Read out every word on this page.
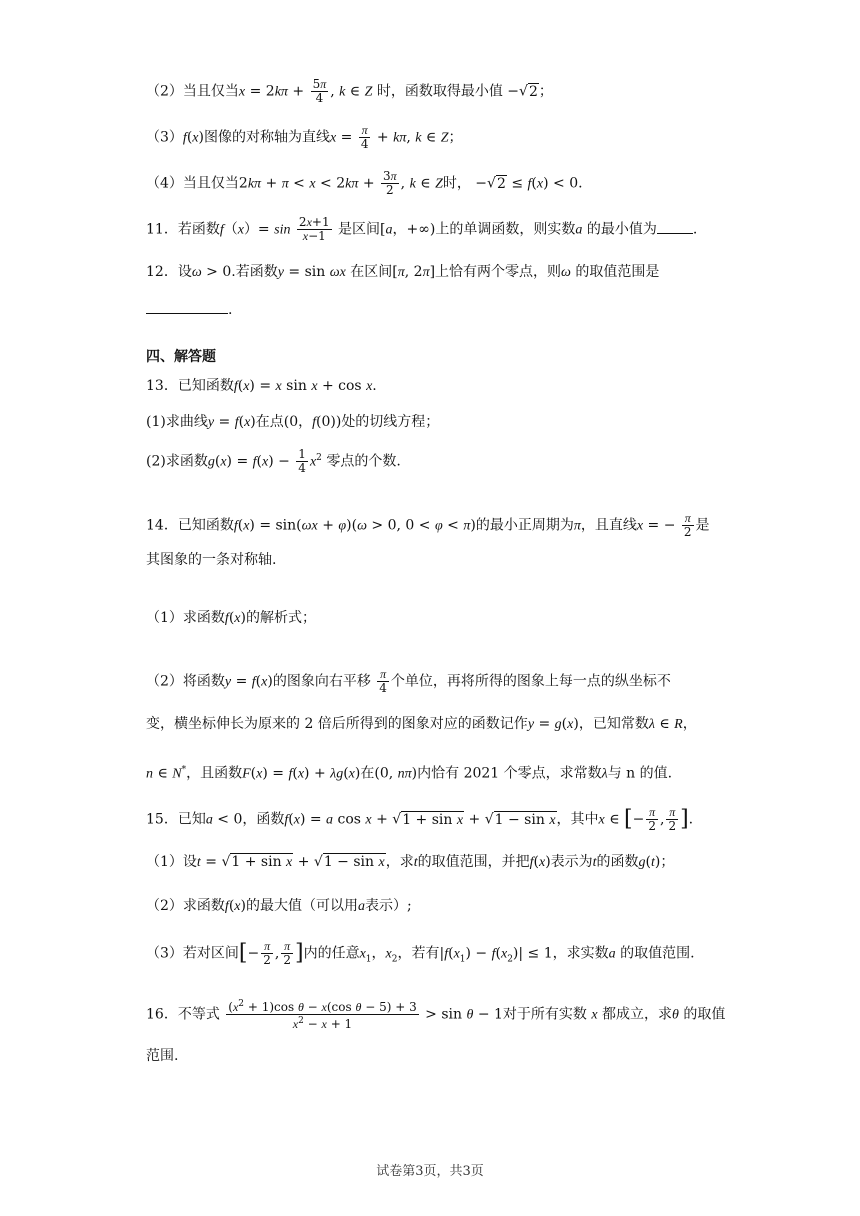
（2）当且仅当$x = 2k\pi + \frac{5\pi}{4}$ , k ∈ Z 时，函数取得最小值 −√2；
（3）f(x)图像的对称轴为直线$x = \frac{\pi}{4} + k\pi$, k ∈ Z；
（4）当且仅当$2k\pi + \pi < x < 2k\pi + \frac{3\pi}{2}$ , k ∈ Z时， −√2 ≤ f(x) < 0.
11．若函数$f(x)= \sin \frac{2x+1}{x-1}$ 是区间[a，+∞)上的单调函数，则实数a 的最小值为	.
12．设ω > 0.若函数y = sin ωx 在区间[π, 2π]上恰有两个零点，则ω 的取值范围是
.
四、解答题
13．已知函数f(x) = x sin x + cos x.
(1)求曲线y = f(x)在点(0，f(0))处的切线方程；
(2)求函数$g(x) = f(x) - \frac{1}{4} x^2$ 零点的个数.
14．已知函数f(x) = sin(ωx + φ)(ω > 0, 0 < φ < π)的最小正周期为π，且直线x = − $\frac{\pi}{2}$ 是
其图象的一条对称轴.
（1）求函数f(x)的解析式；
（2）将函数y = f(x)的图象向右平移 $\frac{\pi}{4}$ 个单位，再将所得的图象上每一点的纵坐标不
变，横坐标伸长为原来的 2 倍后所得到的图象对应的函数记作y = g(x)，已知常数λ ∈ R，
n ∈ N*，且函数F(x) = f(x) + λg(x)在(0, nπ)内恰有 2021 个零点，求常数λ与 n 的值.
15．已知a < 0，函数f(x) = a cos x + √1 + sin x + √1 − sin x，其中x ∈ [− $\frac{\pi}{2}$ , $\frac{\pi}{2}$ ].
（1）设t = √1 + sin x + √1 − sin x，求t的取值范围，并把f(x)表示为t的函数g(t)；
（2）求函数f(x)的最大值（可以用a表示）;
（3）若对区间[− $\frac{\pi}{2}$ , $\frac{\pi}{2}$ ]内的任意$x_1$，$x_2$，若有$|f(x_1) - f(x_2)| \le 1$，求实数a 的取值范围.
16．不等式 $\frac{(x^2 + 1)\cos \theta - x(\cos \theta - 5) + 3}{x^2 - x + 1} > \sin \theta - 1$对于所有实数 x 都成立，求θ 的取值
范围.
试卷第3页，共3页
